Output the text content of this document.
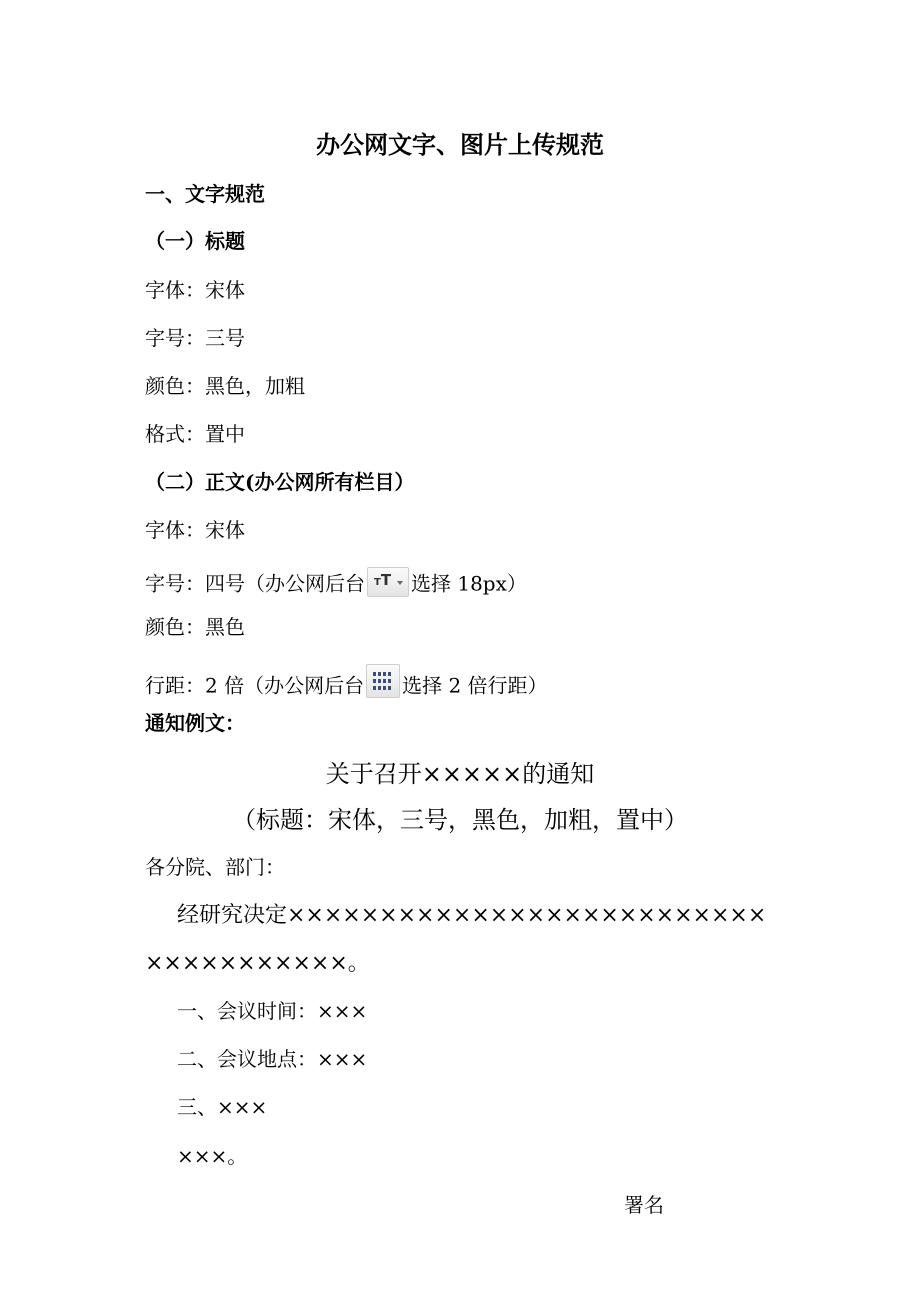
办公网文字、图片上传规范
一、文字规范
（一）标题
字体：宋体
字号：三号
颜色：黑色，加粗
格式：置中
（二）正文(办公网所有栏目）
字体：宋体
字号：四号（办公网后台 TT 选择 18px）
颜色：黑色
行距：2 倍（办公网后台 选择 2 倍行距）
通知例文：
关于召开×××××的通知
（标题：宋体，三号，黑色，加粗，置中）
各分院、部门：
经研究决定××××××××××××××××××××××××××
×××××××××××。
一、会议时间：×××
二、会议地点：×××
三、×××
×××。
署名
